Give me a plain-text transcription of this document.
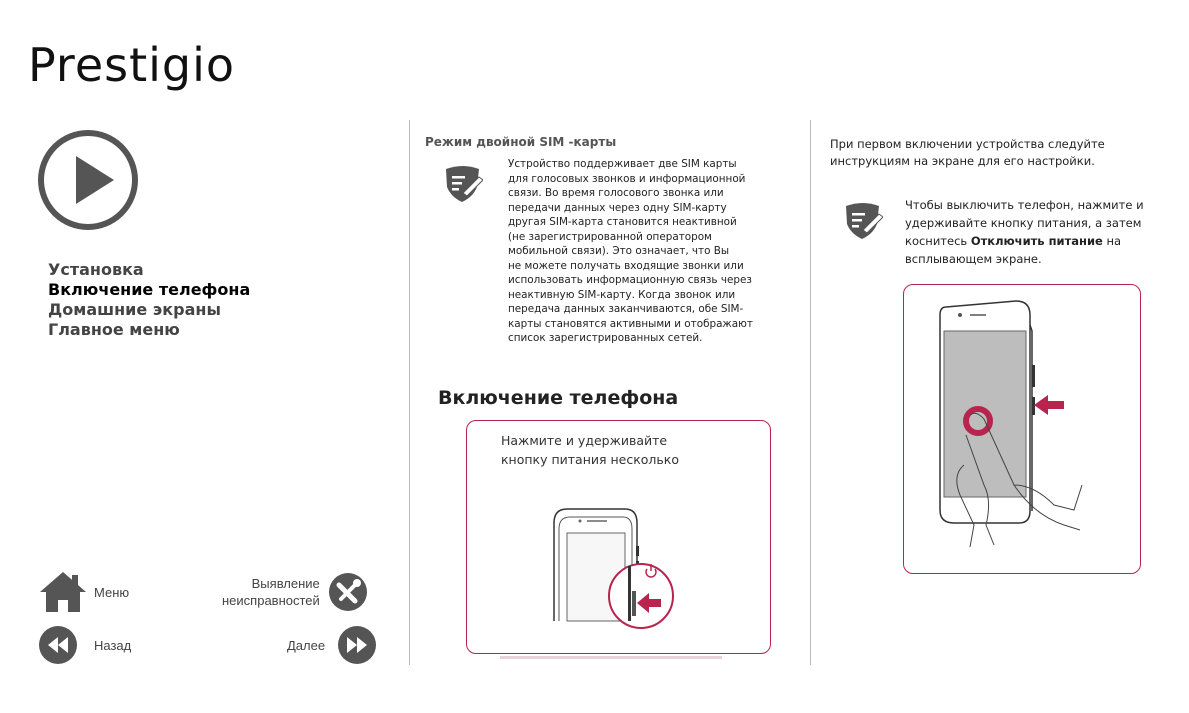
Prestigio
Установка
Включение телефона
Домашние экраны
Главное меню
Меню
Выявление
неисправностей
Назад	Далее
Режим двойной SIM -карты
Устройство поддерживает две SIM карты
для голосовых звонков и информационной
связи. Во время голосового звонка или
передачи данных через одну SIM-карту
другая SIM-карта становится неактивной
(не зарегистрированной оператором
мобильной связи). Это означает, что Вы
не можете получать входящие звонки или
использовать информационную связь через
неактивную SIM-карту. Когда звонок или
передача данных заканчиваются, обе SIM-
карты становятся активными и отображают
список зарегистрированных сетей.
Включение телефона
Нажмите и удерживайте
кнопку питания несколько
При первом включении устройства следуйте
инструкциям на экране для его настройки.
Чтобы выключить телефон, нажмите и
удерживайте кнопку питания, а затем
коснитесь Отключить питание на
всплывающем экране.
